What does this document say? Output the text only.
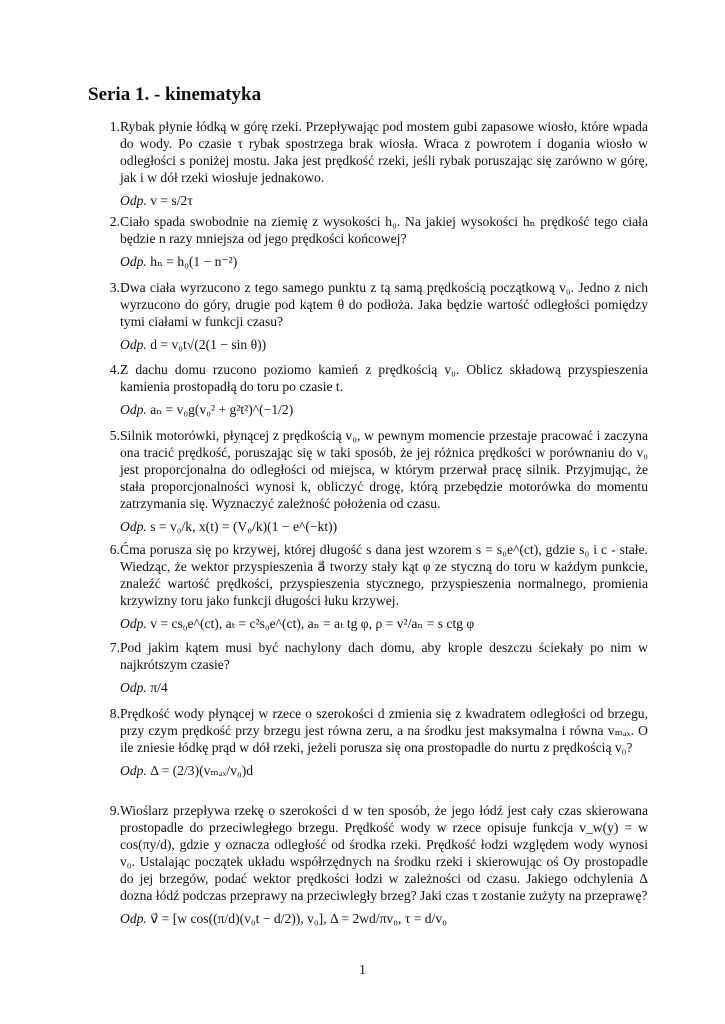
Seria 1. - kinematyka
1. Rybak płynie łódką w górę rzeki. Przepływając pod mostem gubi zapasowe wiosło, które wpada do wody. Po czasie τ rybak spostrzega brak wiosła. Wraca z powrotem i dogania wiosło w odległości s poniżej mostu. Jaka jest prędkość rzeki, jeśli rybak poruszając się zarówno w górę, jak i w dół rzeki wiosłuje jednakowo.
Odp. v = s/2τ
2. Ciało spada swobodnie na ziemię z wysokości h₀. Na jakiej wysokości hₙ prędkość tego ciała będzie n razy mniejsza od jego prędkości końcowej?
Odp. hₙ = h₀(1 − n⁻²)
3. Dwa ciała wyrzucono z tego samego punktu z tą samą prędkością początkową v₀. Jedno z nich wyrzucono do góry, drugie pod kątem θ do podłoża. Jaka będzie wartość odległości pomiędzy tymi ciałami w funkcji czasu?
Odp. d = v₀t√(2(1 − sin θ))
4. Z dachu domu rzucono poziomo kamień z prędkością v₀. Oblicz składową przyspieszenia kamienia prostopadłą do toru po czasie t.
Odp. aₙ = v₀g(v₀² + g²t²)^(−1/2)
5. Silnik motorówki, płynącej z prędkością v₀, w pewnym momencie przestaje pracować i zaczyna ona tracić prędkość, poruszając się w taki sposób, że jej różnica prędkości w porównaniu do v₀ jest proporcjonalna do odległości od miejsca, w którym przerwał pracę silnik. Przyjmując, że stała proporcjonalności wynosi k, obliczyć drogę, którą przebędzie motorówka do momentu zatrzymania się. Wyznaczyć zależność położenia od czasu.
Odp. s = v₀/k, x(t) = (V₀/k)(1 − e^(−kt))
6. Ćma porusza się po krzywej, której długość s dana jest wzorem s = s₀e^(ct), gdzie s₀ i c - stałe. Wiedząc, że wektor przyspieszenia a⃗ tworzy stały kąt φ ze styczną do toru w każdym punkcie, znaleźć wartość prędkości, przyspieszenia stycznego, przyspieszenia normalnego, promienia krzywizny toru jako funkcji długości łuku krzywej.
Odp. v = cs₀e^(ct), aₜ = c²s₀e^(ct), aₙ = aₜ tg φ, ρ = v²/aₙ = s ctg φ
7. Pod jakim kątem musi być nachylony dach domu, aby krople deszczu ściekały po nim w najkrótszym czasie?
Odp. π/4
8. Prędkość wody płynącej w rzece o szerokości d zmienia się z kwadratem odległości od brzegu, przy czym prędkość przy brzegu jest równa zeru, a na środku jest maksymalna i równa vₘₐₓ. O ile zniesie łódkę prąd w dół rzeki, jeżeli porusza się ona prostopadle do nurtu z prędkością v₀?
Odp. Δ = (2/3)(vₘₐₓ/v₀)d
9. Wioślarz przepływa rzekę o szerokości d w ten sposób, że jego łódź jest cały czas skierowana prostopadle do przeciwległego brzegu. Prędkość wody w rzece opisuje funkcja v_w(y) = w cos(πy/d), gdzie y oznacza odległość od środka rzeki. Prędkość łodzi względem wody wynosi v₀. Ustalając początek układu współrzędnych na środku rzeki i skierowując oś Oy prostopadle do jej brzegów, podać wektor prędkości łodzi w zależności od czasu. Jakiego odchylenia Δ dozna łódź podczas przeprawy na przeciwległy brzeg? Jaki czas τ zostanie zużyty na przeprawę?
Odp. v⃗ = [w cos((π/d)(v₀t − d/2)), v₀], Δ = 2wd/πv₀, τ = d/v₀
1
